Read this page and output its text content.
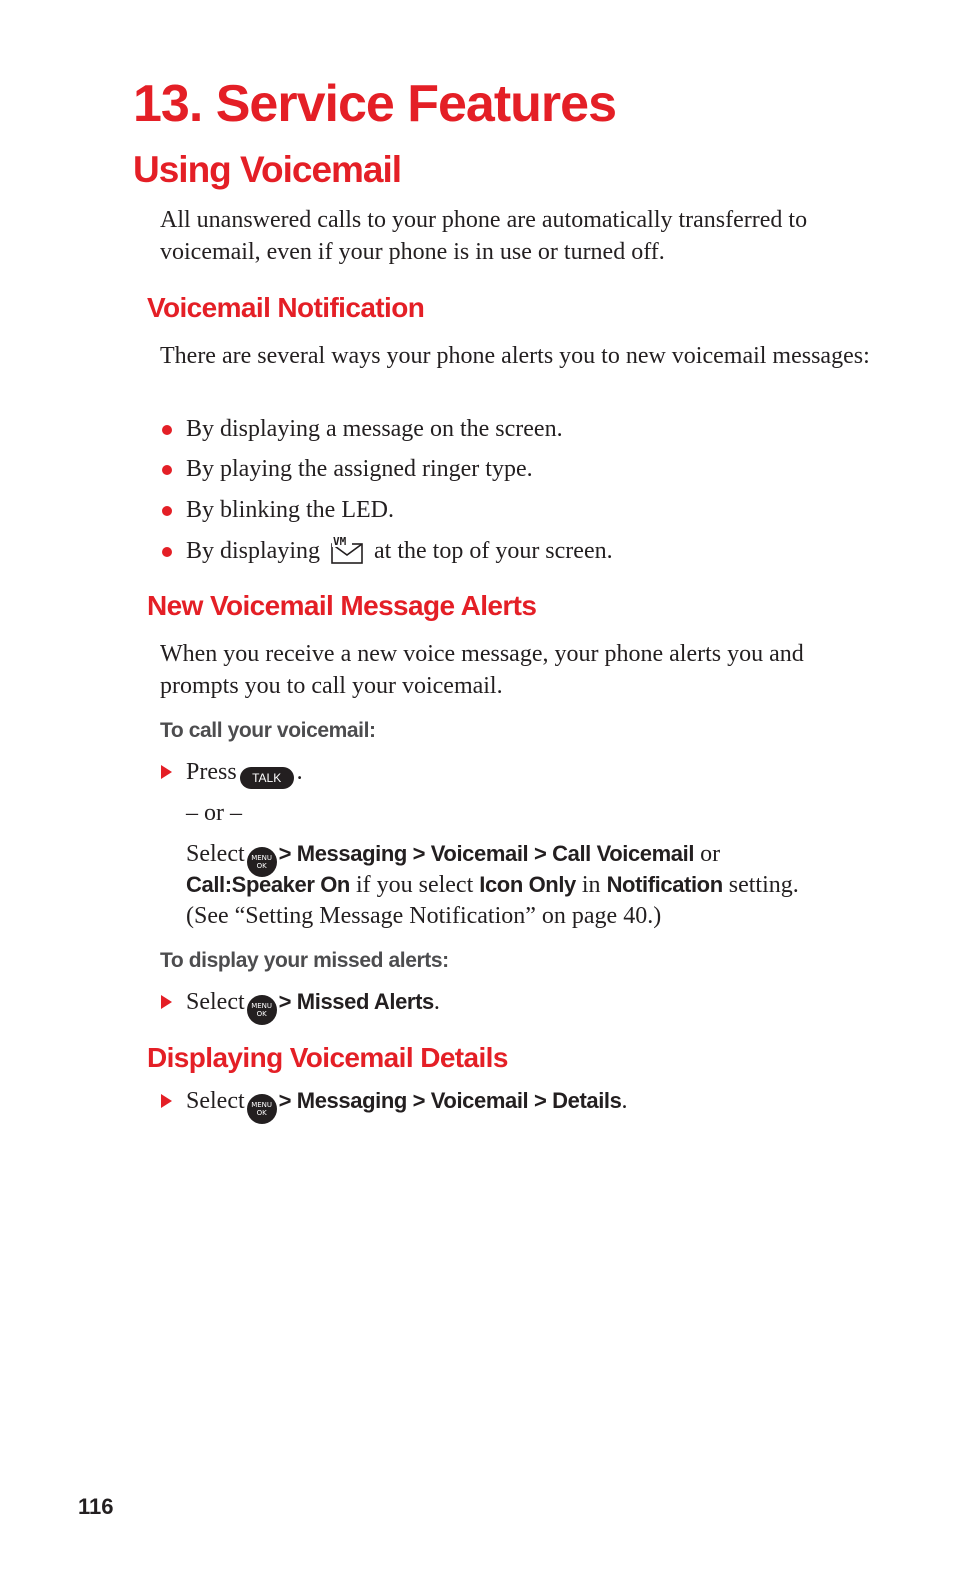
13. Service Features
Using Voicemail

All unanswered calls to your phone are automatically transferred to voicemail, even if your phone is in use or turned off.

Voicemail Notification

There are several ways your phone alerts you to new voicemail messages:

By displaying a message on the screen.
By playing the assigned ringer type.
By blinking the LED.
By displaying VM at the top of your screen.
New Voicemail Message Alerts

When you receive a new voice message, your phone alerts you and prompts you to call your voicemail.

To call your voicemail:

Press TALK .

– or –

Select MENU
OK > Messaging > Voicemail > Call Voicemail or

Call:Speaker On if you select Icon Only in Notification setting.

(See “Setting Message Notification” on page 40.)

To display your missed alerts:

Select MENU
OK > Missed Alerts.
Displaying Voicemail Details
Select MENU
OK > Messaging > Voicemail > Details.

116
